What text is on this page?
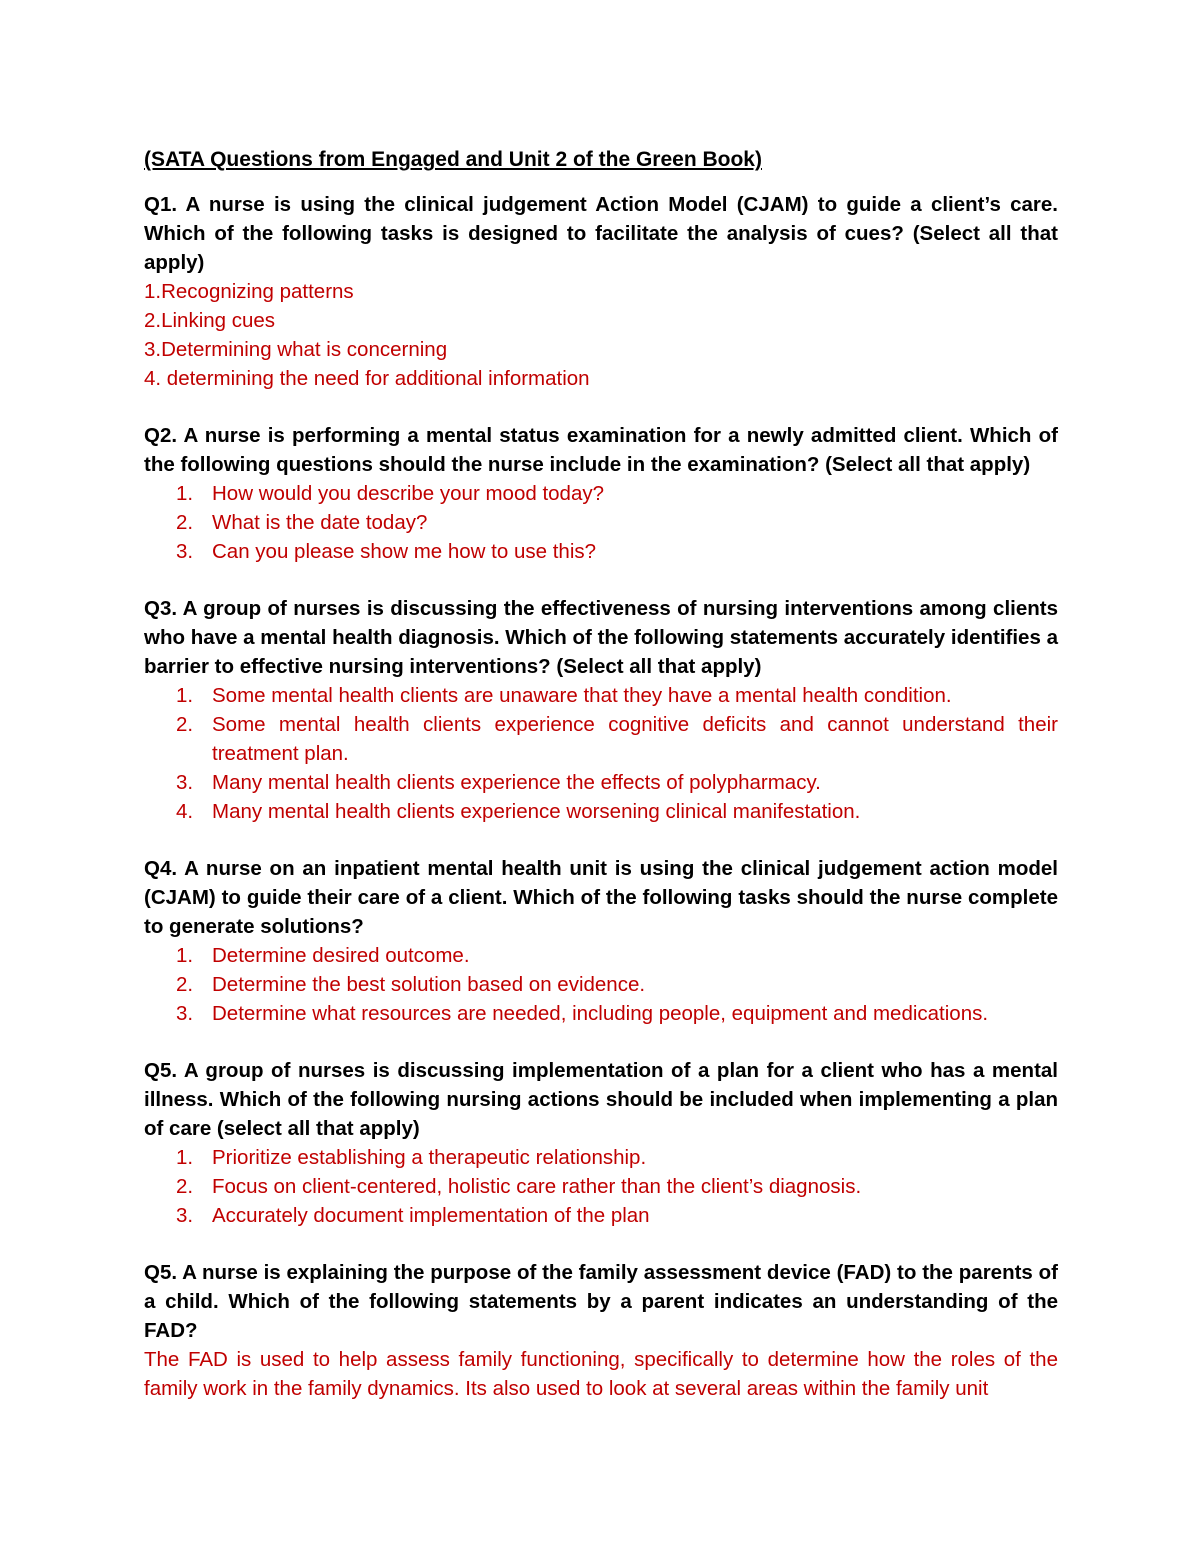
(SATA Questions from Engaged and Unit 2 of the Green Book)

Q1. A nurse is using the clinical judgement Action Model (CJAM) to guide a client’s care. Which of the following tasks is designed to facilitate the analysis of cues? (Select all that apply)

1.Recognizing patterns
2.Linking cues
3.Determining what is concerning
4. determining the need for additional information

Q2. A nurse is performing a mental status examination for a newly admitted client. Which of the following questions should the nurse include in the examination? (Select all that apply)

1. How would you describe your mood today?
2. What is the date today?
3. Can you please show me how to use this?

Q3. A group of nurses is discussing the effectiveness of nursing interventions among clients who have a mental health diagnosis. Which of the following statements accurately identifies a barrier to effective nursing interventions? (Select all that apply)

1. Some mental health clients are unaware that they have a mental health condition.
2. Some mental health clients experience cognitive deficits and cannot understand their treatment plan.
3. Many mental health clients experience the effects of polypharmacy.
4. Many mental health clients experience worsening clinical manifestation.

Q4. A nurse on an inpatient mental health unit is using the clinical judgement action model (CJAM) to guide their care of a client. Which of the following tasks should the nurse complete to generate solutions?

1. Determine desired outcome.
2. Determine the best solution based on evidence.
3. Determine what resources are needed, including people, equipment and medications.

Q5. A group of nurses is discussing implementation of a plan for a client who has a mental illness. Which of the following nursing actions should be included when implementing a plan of care (select all that apply)

1. Prioritize establishing a therapeutic relationship.
2. Focus on client-centered, holistic care rather than the client’s diagnosis.
3. Accurately document implementation of the plan

Q5. A nurse is explaining the purpose of the family assessment device (FAD) to the parents of a child. Which of the following statements by a parent indicates an understanding of the FAD?

The FAD is used to help assess family functioning, specifically to determine how the roles of the family work in the family dynamics. Its also used to look at several areas within the family unit
